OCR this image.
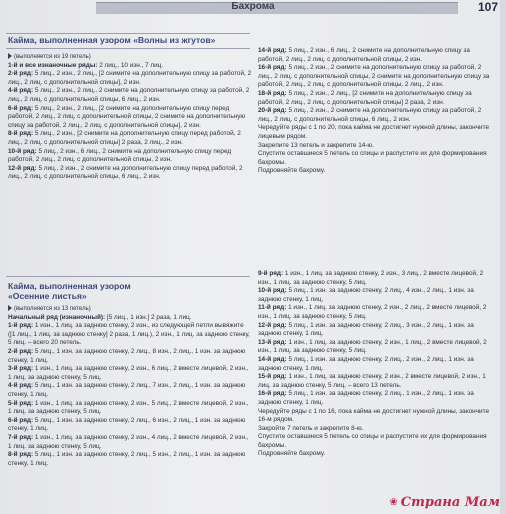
Бахрома	107
Кайма, выполненная узором «Волны из жгутов»

(выполняется из 19 петель)

1-й и все изнаночные ряды: 2 лиц., 10 изн., 7 лиц.

2-й ряд: 5 лиц., 2 изн., 2 лиц., [2 снимите на дополнительную спицу за работой, 2 лиц., 2 лиц. с дополнительной спицы], 2 изн.

4-й ряд: 5 лиц., 2 изн., 2 лиц., 2 снимите на дополнительную спицу за работой, 2 лиц., 2 лиц. с дополнительной спицы, 6 лиц., 2 изн.

6-й ряд: 5 лиц., 2 изн., 2 лиц., [2 снимите на дополнительную спицу перед работой, 2 лиц., 2 лиц. с дополнительной спицы, 2 снимите на дополнительную спицу за работой, 2 лиц., 2 лиц. с дополнительной спицы], 2 изн.

8-й ряд: 5 лиц., 2 изн., [2 снимите на дополнительную спицу перед работой, 2 лиц., 2 лиц. с дополнительной спицы] 2 раза, 2 лиц., 2 изн.

10-й ряд: 5 лиц., 2 изн., 6 лиц., 2 снимите на дополнительную спицу перед работой, 2 лиц., 2 лиц. с дополнительной спицы, 2 изн.

12-й ряд: 5 лиц., 2 изн., 2 снимите на дополнительную спицу перед работой, 2 лиц., 2 лиц. с дополнительной спицы, 6 лиц., 2 изн.

14-й ряд: 5 лиц., 2 изн., 6 лиц., 2 снимите на дополнительную спицу за работой, 2 лиц., 2 лиц. с дополнительной спицы, 2 изн.

16-й ряд: 5 лиц., 2 изн., 2 снимите на дополнительную спицу за работой, 2 лиц., 2 лиц. с дополнительной спицы, 2 снимите на дополнительную спицу за работой, 2 лиц., 2 лиц. с дополнительной спицы, 2 лиц., 2 изн.

18-й ряд: 5 лиц., 2 изн., 2 лиц., [2 снимите на дополнительную спицу за работой, 2 лиц., 2 лиц. с дополнительной спицы] 2 раза, 2 изн.

20-й ряд: 5 лиц., 2 изн., 2 снимите на дополнительную спицу за работой, 2 лиц., 2 лиц. с дополнительной спицы, 6 лиц., 2 изн.

Чередуйте ряды с 1 по 20, пока кайма не достигнет нужной длины, закончите лицевым рядом.

Закрепите 13 петель и закрепите 14-ю.

Спустите оставшиеся 5 петель со спицы и распустите их для формирования бахромы.

Подровняйте бахрому.

Кайма, выполненная узором
«Осенние листья»

(выполняется из 13 петель)

Начальный ряд (изнаночный): [5 лиц., 1 изн.] 2 раза, 1 лиц.

1-й ряд: 1 изн., 1 лиц. за заднюю стенку, 2 изн., из следующей петли вывяжите ([1 лиц., 1 лиц. за заднюю стенку] 2 раза, 1 лиц.), 2 изн., 1 лиц. за заднюю стенку, 5 лиц. – всего 20 петель.

2-й ряд: 5 лиц., 1 изн. за заднюю стенку, 2 лиц., 8 изн., 2 лиц., 1 изн. за заднюю стенку, 1 лиц.

3-й ряд: 1 изн., 1 лиц. за заднюю стенку, 2 изн., 6 лиц., 2 вместе лицевой, 2 изн., 1 лиц. за заднюю стенку, 5 лиц.

4-й ряд: 5 лиц., 1 изн. за заднюю стенку, 2 лиц., 7 изн., 2 лиц., 1 изн. за заднюю стенку, 1 лиц.

5-й ряд: 1 изн., 1 лиц. за заднюю стенку, 2 изн., 5 лиц., 2 вместе лицевой, 2 изн., 1 лиц. за заднюю стенку, 5 лиц.

6-й ряд: 5 лиц., 1 изн. за заднюю стенку, 2 лиц., 6 изн., 2 лиц., 1 изн. за заднюю стенку, 1 лиц.

7-й ряд: 1 изн., 1 лиц. за заднюю стенку, 2 изн., 4 лиц., 2 вместе лицевой, 2 изн., 1 лиц. за заднюю стенку, 5 лиц.

8-й ряд: 5 лиц., 1 изн. за заднюю стенку, 2 лиц., 5 изн., 2 лиц., 1 изн. за заднюю стенку, 1 лиц.

9-й ряд: 1 изн., 1 лиц. за заднюю стенку, 2 изн., 3 лиц., 2 вместе лицевой, 2 изн., 1 лиц. за заднюю стенку, 5 лиц.

10-й ряд: 5 лиц., 1 изн. за заднюю стенку, 2 лиц., 4 изн., 2 лиц., 1 изн. за заднюю стенку, 1 лиц.

11-й ряд: 1 изн., 1 лиц. за заднюю стенку, 2 изн., 2 лиц., 2 вместе лицевой, 2 изн., 1 лиц. за заднюю стенку, 5 лиц.

12-й ряд: 5 лиц., 1 изн. за заднюю стенку, 2 лиц., 3 изн., 2 лиц., 1 изн. за заднюю стенку, 1 лиц.

13-й ряд: 1 изн., 1 лиц. за заднюю стенку, 2 изн., 1 лиц., 2 вместе лицевой, 2 изн., 1 лиц. за заднюю стенку, 5 лиц.

14-й ряд: 5 лиц., 1 изн. за заднюю стенку, 2 лиц., 2 изн., 2 лиц., 1 изн. за заднюю стенку, 1 лиц.

15-й ряд: 1 изн., 1 лиц. за заднюю стенку, 2 изн., 2 вместе лицевой, 2 изн., 1 лиц. за заднюю стенку, 5 лиц. – всего 13 петель.

16-й ряд: 5 лиц., 1 изн. за заднюю стенку, 2 лиц., 1 изн., 2 лиц., 1 изн. за заднюю стенку, 1 лиц.

Чередуйте ряды с 1 по 16, пока кайма не достигнет нужной длины, закончите 16-м рядом.

Закройте 7 петель и закрепите 8-ю.

Спустите оставшиеся 5 петель со спицы и распустите их для формирования бахромы.

Подровняйте бахрому.

❀ Страна Мам
